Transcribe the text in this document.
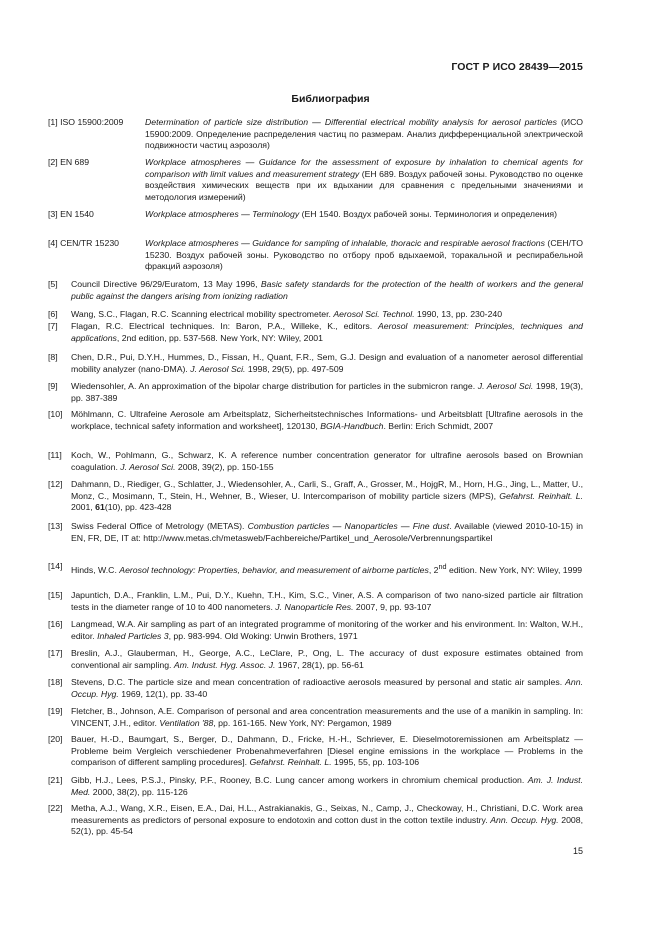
ГОСТ Р ИСО 28439—2015
Библиография
[1] ISO 15900:2009 Determination of particle size distribution — Differential electrical mobility analysis for aerosol particles (ИСО 15900:2009. Определение распределения частиц по размерам. Анализ дифференциальной электрической подвижности частиц аэрозоля)
[2] EN 689	Workplace atmospheres — Guidance for the assessment of exposure by inhalation to chemical agents for comparison with limit values and measurement strategy (EH 689. Воздух рабочей зоны. Руководство по оценке воздействия химических веществ при их вдыхании для сравнения с предельными значениями и методология измерений)
[3] EN 1540	Workplace atmospheres — Terminology (EH 1540. Воздух рабочей зоны. Терминология и определения)
[4] CEN/TR 15230	Workplace atmospheres — Guidance for sampling of inhalable, thoracic and respirable aerosol fractions (CEH/TO 15230. Воздух рабочей зоны. Руководство по отбору проб вдыхаемой, торакальной и респирабельной фракций аэрозоля)
[5] Council Directive 96/29/Euratom, 13 May 1996, Basic safety standards for the protection of the health of workers and the general public against the dangers arising from ionizing radiation
[6] Wang, S.C., Flagan, R.C. Scanning electrical mobility spectrometer. Aerosol Sci. Technol. 1990, 13, pp. 230-240
[7] Flagan, R.C. Electrical techniques. In: Baron, P.A., Willeke, K., editors. Aerosol measurement: Principles, techniques and applications, 2nd edition, pp. 537-568. New York, NY: Wiley, 2001
[8] Chen, D.R., Pui, D.Y.H., Hummes, D., Fissan, H., Quant, F.R., Sem, G.J. Design and evaluation of a nanometer aerosol differential mobility analyzer (nano-DMA). J. Aerosol Sci. 1998, 29(5), pp. 497-509
[9] Wiedensohler, A. An approximation of the bipolar charge distribution for particles in the submicron range. J. Aerosol Sci. 1998, 19(3), pp. 387-389
[10] Möhlmann, C. Ultrafeine Aerosole am Arbeitsplatz, Sicherheitstechnisches Informations- und Arbeitsblatt [Ultrafine aerosols in the workplace, technical safety information and worksheet], 120130, BGIA-Handbuch. Berlin: Erich Schmidt, 2007
[11] Koch, W., Pohlmann, G., Schwarz, K. A reference number concentration generator for ultrafine aerosols based on Brownian coagulation. J. Aerosol Sci. 2008, 39(2), pp. 150-155
[12] Dahmann, D., Riediger, G., Schlatter, J., Wiedensohler, A., Carli, S., Graff, A., Grosser, M., HojgR, M., Horn, H.G., Jing, L., Matter, U., Monz, C., Mosimann, T., Stein, H., Wehner, B., Wieser, U. Intercomparison of mobility particle sizers (MPS), Gefahrst. Reinhalt. L. 2001, 61(10), pp. 423-428
[13] Swiss Federal Office of Metrology (METAS). Combustion particles — Nanoparticles — Fine dust. Available (viewed 2010-10-15) in EN, FR, DE, IT at: http://www.metas.ch/metasweb/Fachbereiche/Partikel_und_Aerosole/Verbrennungspartikel
[14] Hinds, W.C. Aerosol technology: Properties, behavior, and measurement of airborne particles, 2nd edition. New York, NY: Wiley, 1999
[15] Japuntich, D.A., Franklin, L.M., Pui, D.Y., Kuehn, T.H., Kim, S.C., Viner, A.S. A comparison of two nano-sized particle air filtration tests in the diameter range of 10 to 400 nanometers. J. Nanoparticle Res. 2007, 9, pp. 93-107
[16] Langmead, W.A. Air sampling as part of an integrated programme of monitoring of the worker and his environment. In: Walton, W.H., editor. Inhaled Particles 3, pp. 983-994. Old Woking: Unwin Brothers, 1971
[17] Breslin, A.J., Glauberman, H., George, A.C., LeClare, P., Ong, L. The accuracy of dust exposure estimates obtained from conventional air sampling. Am. Indust. Hyg. Assoc. J. 1967, 28(1), pp. 56-61
[18] Stevens, D.C. The particle size and mean concentration of radioactive aerosols measured by personal and static air samples. Ann. Occup. Hyg. 1969, 12(1), pp. 33-40
[19] Fletcher, B., Johnson, A.E. Comparison of personal and area concentration measurements and the use of a manikin in sampling. In: VINCENT, J.H., editor. Ventilation '88, pp. 161-165. New York, NY: Pergamon, 1989
[20] Bauer, H.-D., Baumgart, S., Berger, D., Dahmann, D., Fricke, H.-H., Schriever, E. Dieselmotoremissionen am Arbeitsplatz — Probleme beim Vergleich verschiedener Probenahmeverfahren [Diesel engine emissions in the workplace — Problems in the comparison of different sampling procedures]. Gefahrst. Reinhalt. L. 1995, 55, pp. 103-106
[21] Gibb, H.J., Lees, P.S.J., Pinsky, P.F., Rooney, B.C. Lung cancer among workers in chromium chemical production. Am. J. Indust. Med. 2000, 38(2), pp. 115-126
[22] Metha, A.J., Wang, X.R., Eisen, E.A., Dai, H.L., Astrakianakis, G., Seixas, N., Camp, J., Checkoway, H., Christiani, D.C. Work area measurements as predictors of personal exposure to endotoxin and cotton dust in the cotton textile industry. Ann. Occup. Hyg. 2008, 52(1), pp. 45-54
15
